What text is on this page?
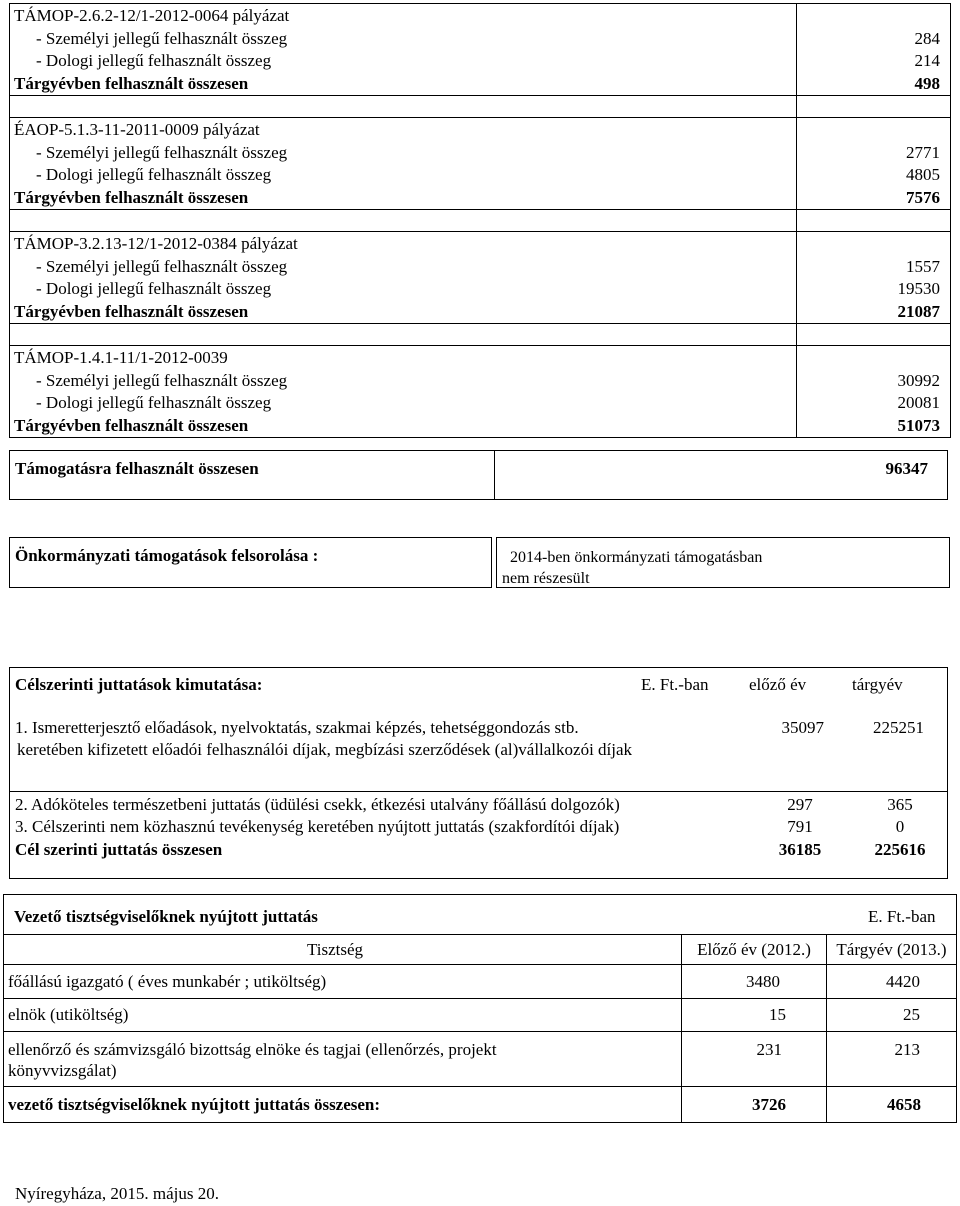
TÁMOP-2.6.2-12/1-2012-0064 pályázat
- Személyi jellegű felhasznált összeg	284
- Dologi jellegű felhasznált összeg	214
Tárgyévben felhasznált összesen	498
ÉAOP-5.1.3-11-2011-0009 pályázat
- Személyi jellegű felhasznált összeg	2771
- Dologi jellegű felhasznált összeg	4805
Tárgyévben felhasznált összesen	7576
TÁMOP-3.2.13-12/1-2012-0384 pályázat
- Személyi jellegű felhasznált összeg	1557
- Dologi jellegű felhasznált összeg	19530
Tárgyévben felhasznált összesen	21087
TÁMOP-1.4.1-11/1-2012-0039
- Személyi jellegű felhasznált összeg	30992
- Dologi jellegű felhasznált összeg	20081
Tárgyévben felhasznált összesen	51073
Támogatásra felhasznált összesen	96347
Önkormányzati támogatások felsorolása :	2014-ben önkormányzati támogatásban
nem részesült
Célszerinti juttatások kimutatása:	E. Ft.-ban előző év	tárgyév
1. Ismeretterjesztő előadások, nyelvoktatás, szakmai képzés, tehetséggondozás stb.
keretében kifizetett előadói felhasználói díjak, megbízási szerződések (al)vállalkozói díjak
35097	225251
2. Adóköteles természetbeni juttatás (üdülési csekk, étkezési utalvány főállású dolgozók)	297	365
3. Célszerinti nem közhasznú tevékenység keretében nyújtott juttatás (szakfordítói díjak)	791	0
Cél szerinti juttatás összesen	36185	225616
Vezető tisztségviselőknek nyújtott juttatás	E. Ft.-ban
Tisztség	Előző év (2012.)	Tárgyév (2013.)
főállású igazgató ( éves munkabér ; utiköltség)	3480	4420
elnök (utiköltség)	15	25
ellenőrző és számvizsgáló bizottság elnöke és tagjai (ellenőrzés, projekt
könyvvizsgálat)
231	213
vezető tisztségviselőknek nyújtott juttatás összesen:	3726	4658
Nyíregyháza, 2015. május 20.
